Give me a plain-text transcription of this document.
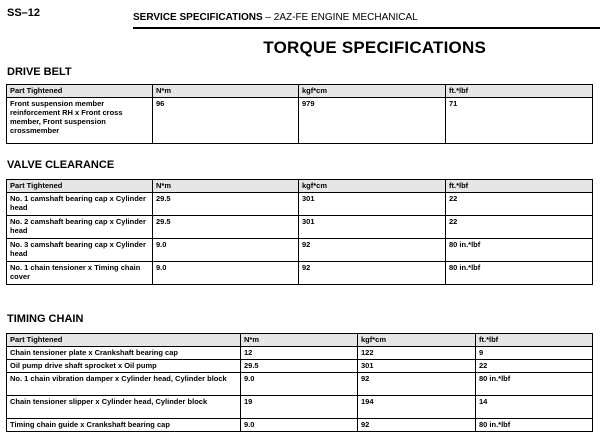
SS–12	SERVICE SPECIFICATIONS – 2AZ-FE ENGINE MECHANICAL
TORQUE SPECIFICATIONS
DRIVE BELT
Part Tightened	N*m	kgf*cm	ft.*lbf
Front suspension member reinforcement RH x Front cross member, Front suspension crossmember	96	979	71
VALVE CLEARANCE
Part Tightened	N*m	kgf*cm	ft.*lbf
No. 1 camshaft bearing cap x Cylinder head	29.5	301	22
No. 2 camshaft bearing cap x Cylinder head	29.5	301	22
No. 3 camshaft bearing cap x Cylinder head	9.0	92	80 in.*lbf
No. 1 chain tensioner x Timing chain cover	9.0	92	80 in.*lbf
TIMING CHAIN
Part Tightened	N*m	kgf*cm	ft.*lbf
Chain tensioner plate x Crankshaft bearing cap	12	122	9
Oil pump drive shaft sprocket x Oil pump	29.5	301	22
No. 1 chain vibration damper x Cylinder head, Cylinder block	9.0	92	80 in.*lbf
Chain tensioner slipper x Cylinder head, Cylinder block	19	194	14
Timing chain guide x Crankshaft bearing cap	9.0	92	80 in.*lbf
